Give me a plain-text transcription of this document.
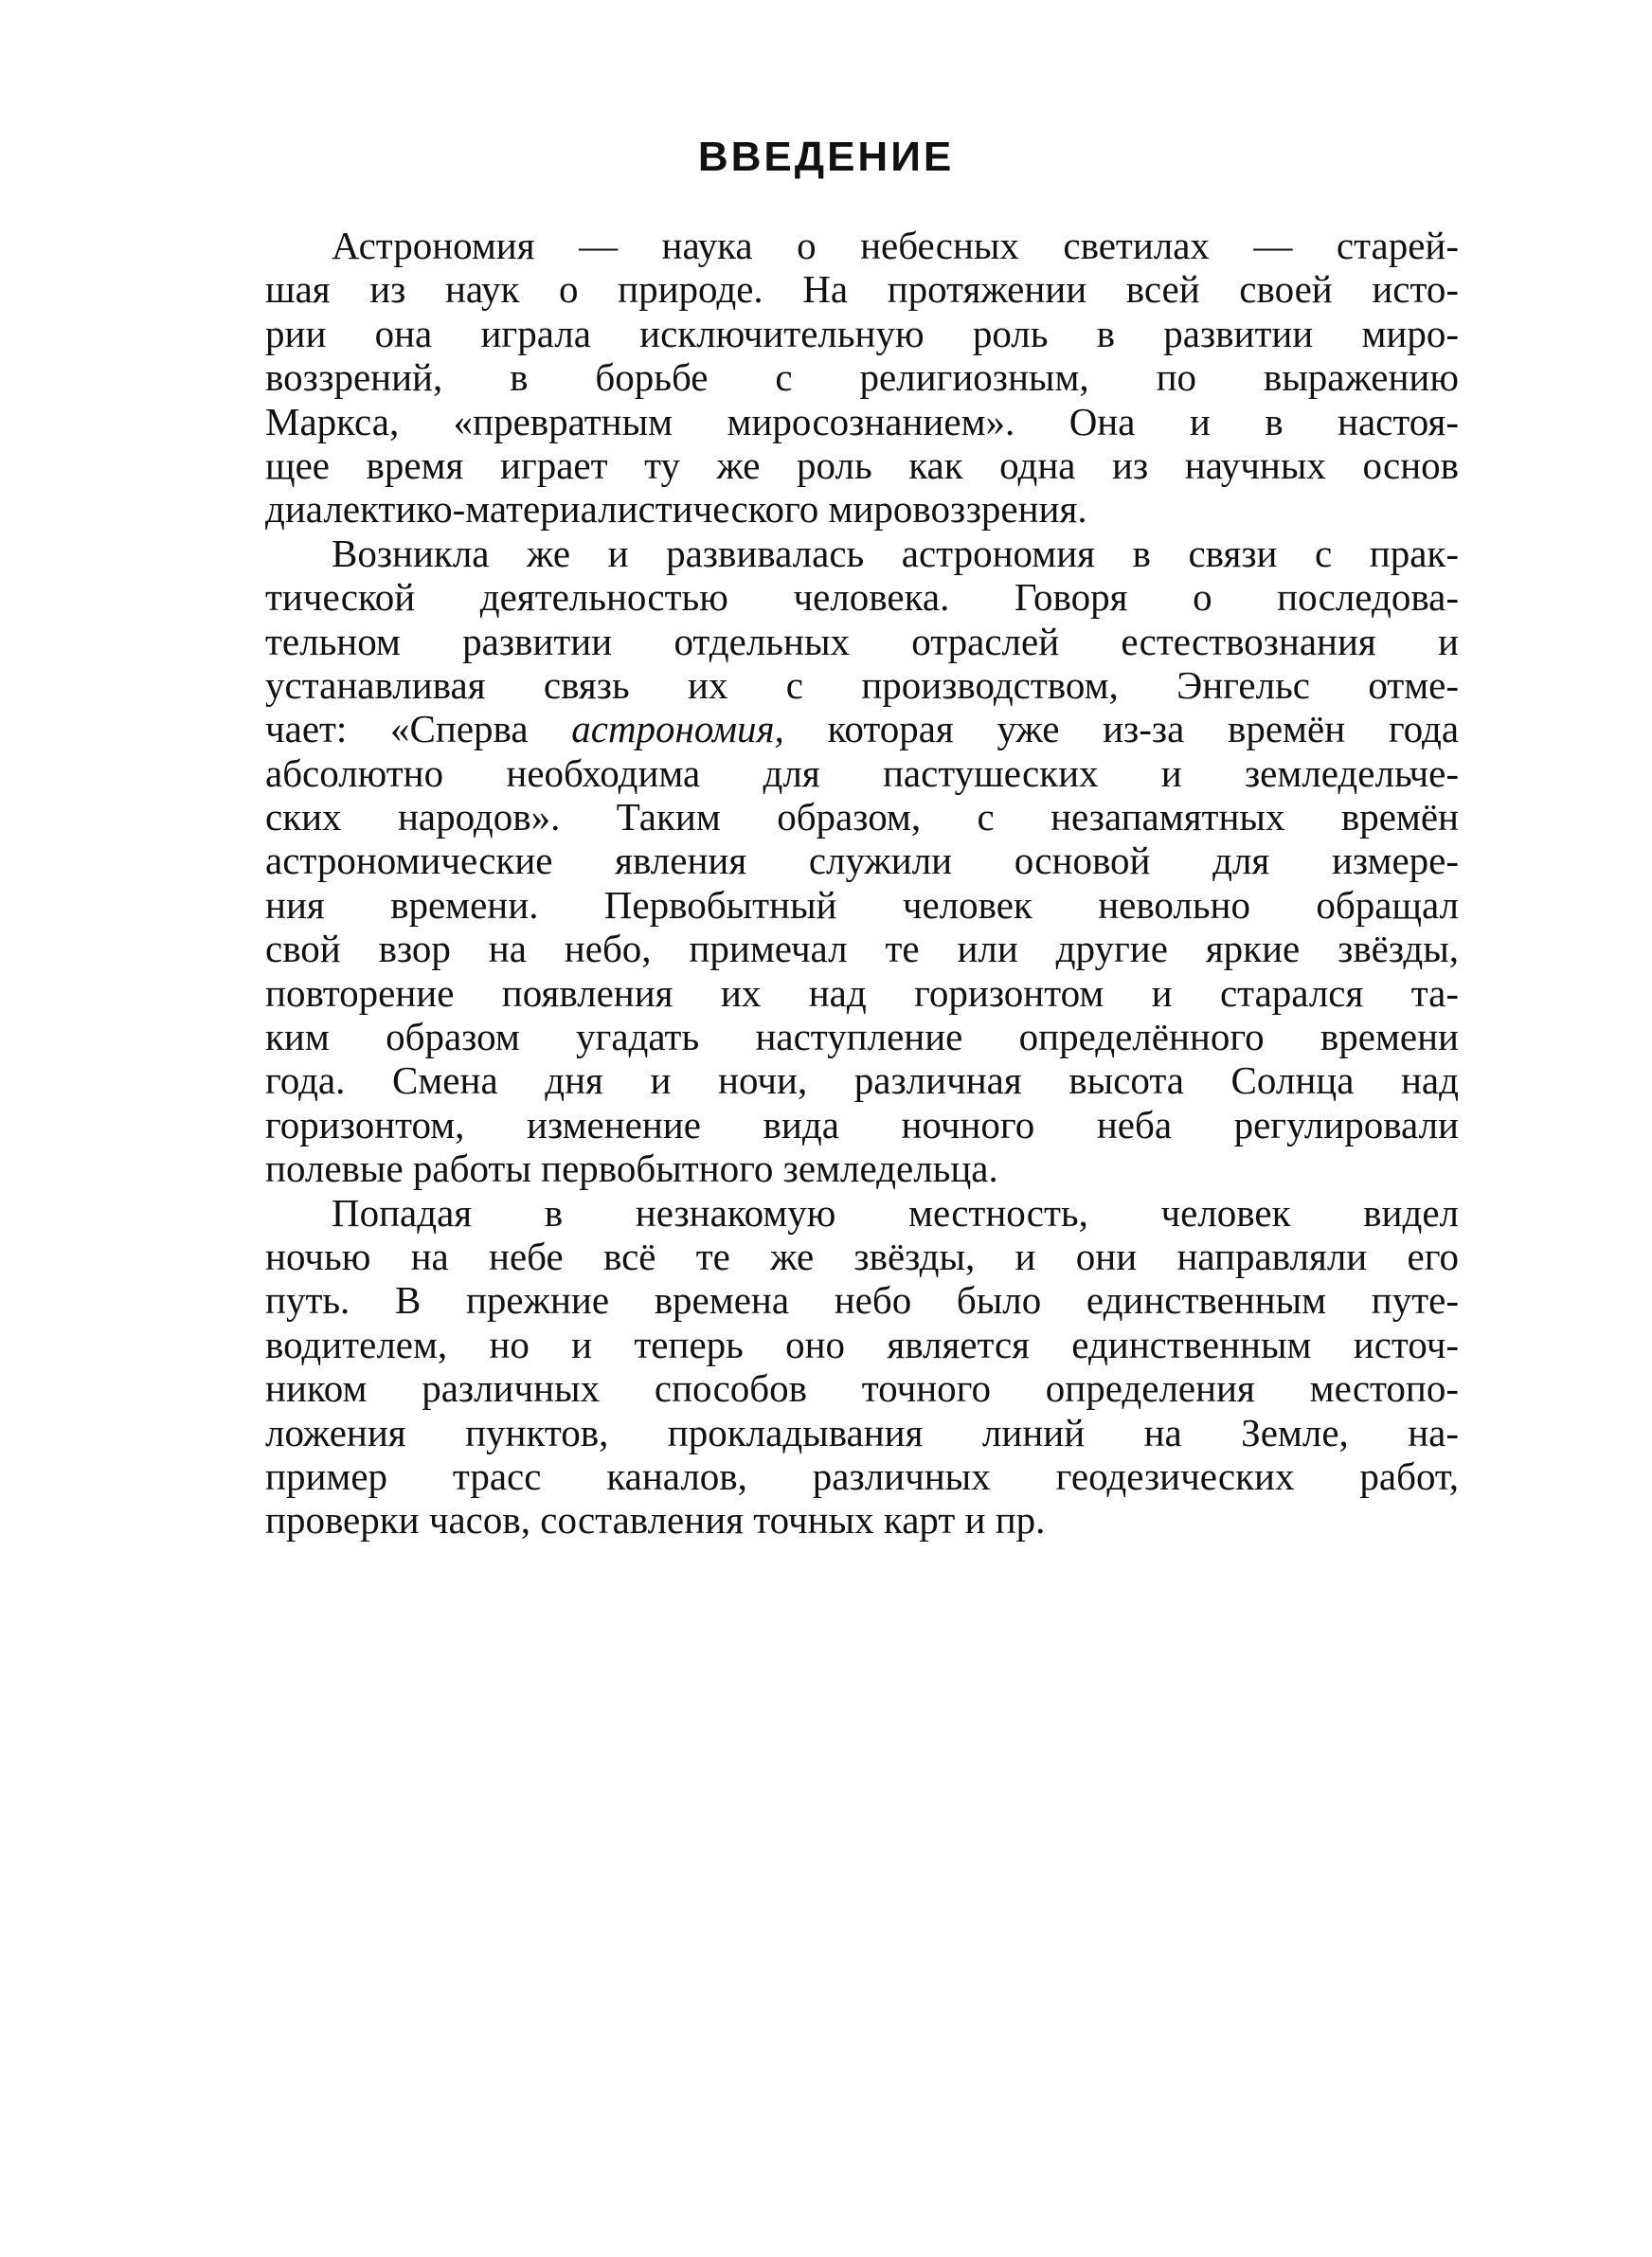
ВВЕДЕНИЕ
Астрономия — наука о небесных светилах — старей-
шая из наук о природе. На протяжении всей своей исто-
рии она играла исключительную роль в развитии миро-
воззрений, в борьбе с религиозным, по выражению
Маркса, «превратным миросознанием». Она и в настоя-
щее время играет ту же роль как одна из научных основ
диалектико-материалистического мировоззрения.
Возникла же и развивалась астрономия в связи с прак-
тической деятельностью человека. Говоря о последова-
тельном развитии отдельных отраслей естествознания и
устанавливая связь их с производством, Энгельс отме-
чает: «Сперва астрономия, которая уже из-за времён года
абсолютно необходима для пастушеских и земледельче-
ских народов». Таким образом, с незапамятных времён
астрономические явления служили основой для измере-
ния времени. Первобытный человек невольно обращал
свой взор на небо, примечал те или другие яркие звёзды,
повторение появления их над горизонтом и старался та-
ким образом угадать наступление определённого времени
года. Смена дня и ночи, различная высота Солнца над
горизонтом, изменение вида ночного неба регулировали
полевые работы первобытного земледельца.
Попадая в незнакомую местность, человек видел
ночью на небе всё те же звёзды, и они направляли его
путь. В прежние времена небо было единственным путе-
водителем, но и теперь оно является единственным источ-
ником различных способов точного определения местопо-
ложения пунктов, прокладывания линий на Земле, на-
пример трасс каналов, различных геодезических работ,
проверки часов, составления точных карт и пр.
